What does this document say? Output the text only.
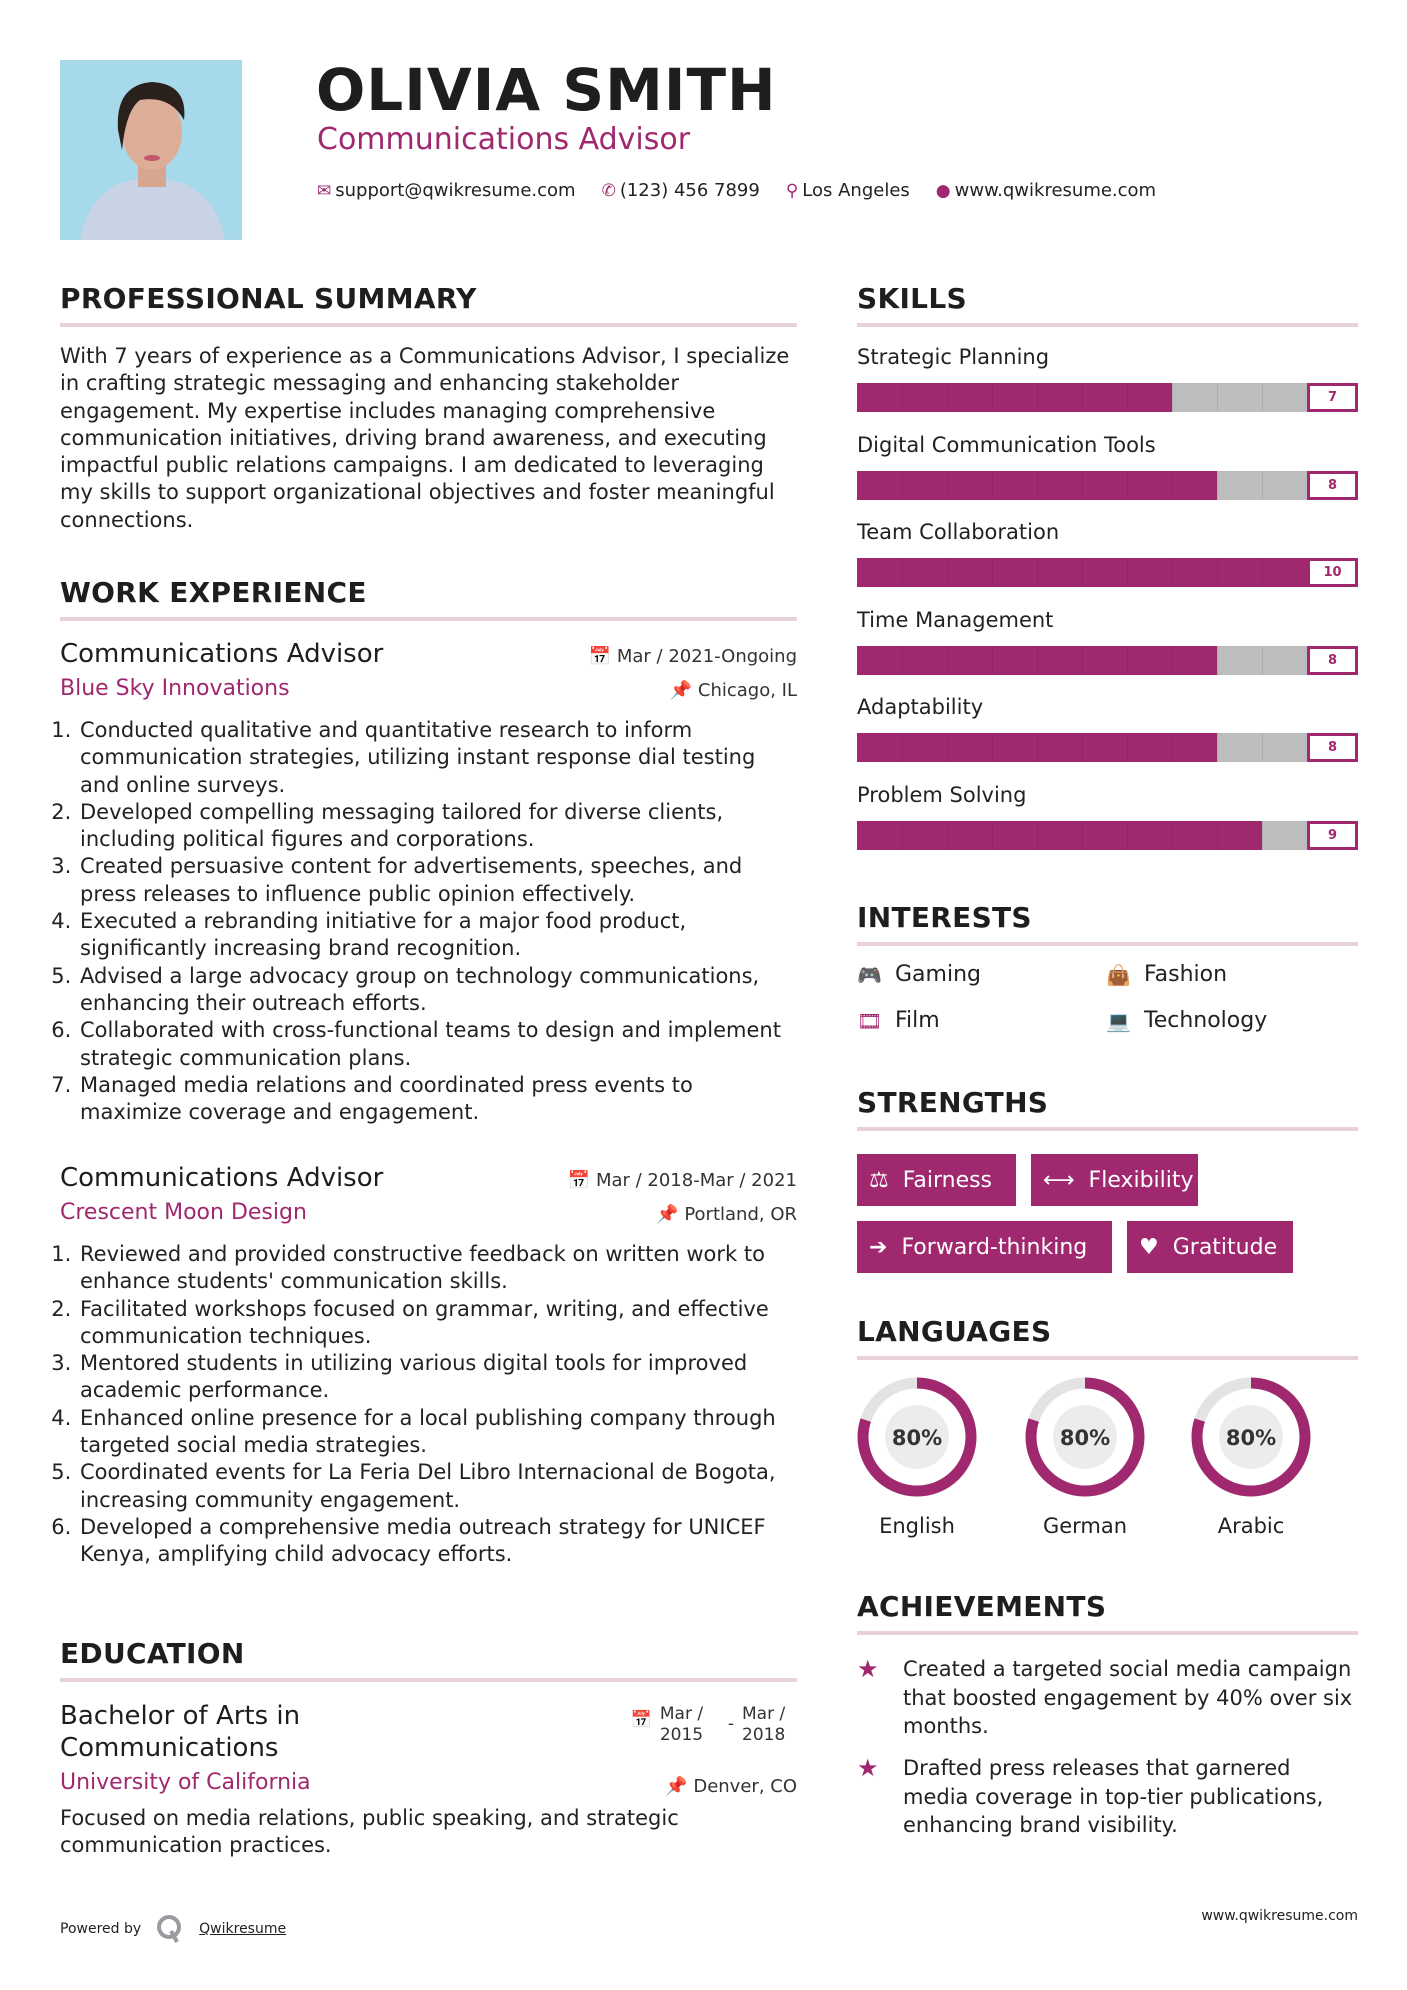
OLIVIA SMITH
Communications Advisor
✉ support@qwikresume.com ✆ (123) 456 7899 ⚲ Los Angeles ● www.qwikresume.com
PROFESSIONAL SUMMARY

With 7 years of experience as a Communications Advisor, I specialize in crafting strategic messaging and enhancing stakeholder engagement. My expertise includes managing comprehensive communication initiatives, driving brand awareness, and executing impactful public relations campaigns. I am dedicated to leveraging my skills to support organizational objectives and foster meaningful connections.

WORK EXPERIENCE
📅 Mar / 2021-Ongoing
📌 Chicago, IL
Communications Advisor
Blue Sky Innovations
1. Conducted qualitative and quantitative research to inform communication strategies, utilizing instant response dial testing and online surveys.
2. Developed compelling messaging tailored for diverse clients, including political figures and corporations.
3. Created persuasive content for advertisements, speeches, and press releases to influence public opinion effectively.
4. Executed a rebranding initiative for a major food product, significantly increasing brand recognition.
5. Advised a large advocacy group on technology communications, enhancing their outreach efforts.
6. Collaborated with cross-functional teams to design and implement strategic communication plans.
7. Managed media relations and coordinated press events to maximize coverage and engagement.
📅 Mar / 2018-Mar / 2021
📌 Portland, OR
Communications Advisor
Crescent Moon Design
1. Reviewed and provided constructive feedback on written work to enhance students' communication skills.
2. Facilitated workshops focused on grammar, writing, and effective communication techniques.
3. Mentored students in utilizing various digital tools for improved academic performance.
4. Enhanced online presence for a local publishing company through targeted social media strategies.
5. Coordinated events for La Feria Del Libro Internacional de Bogota, increasing community engagement.
6. Developed a comprehensive media outreach strategy for UNICEF Kenya, amplifying child advocacy efforts.
EDUCATION
📅 Mar / 2015
- Mar / 2018
📌 Denver, CO
Bachelor of Arts in Communications
University of California

Focused on media relations, public speaking, and strategic communication practices.

SKILLS
Strategic Planning
7
Digital Communication Tools
8
Team Collaboration
10
Time Management
8
Adaptability
8
Problem Solving
9
INTERESTS
🎮 Gaming	👜 Fashion
🎞 Film	💻 Technology
STRENGTHS
⚖ Fairness ⟷ Flexibility
➔ Forward-thinking ♥ Gratitude
LANGUAGES
80%
English
80%
German
80%
Arabic
ACHIEVEMENTS
★	Created a targeted social media campaign that boosted engagement by 40% over six months.
★	Drafted press releases that garnered media coverage in top-tier publications, enhancing brand visibility.
Powered by	Qwikresume
www.qwikresume.com
